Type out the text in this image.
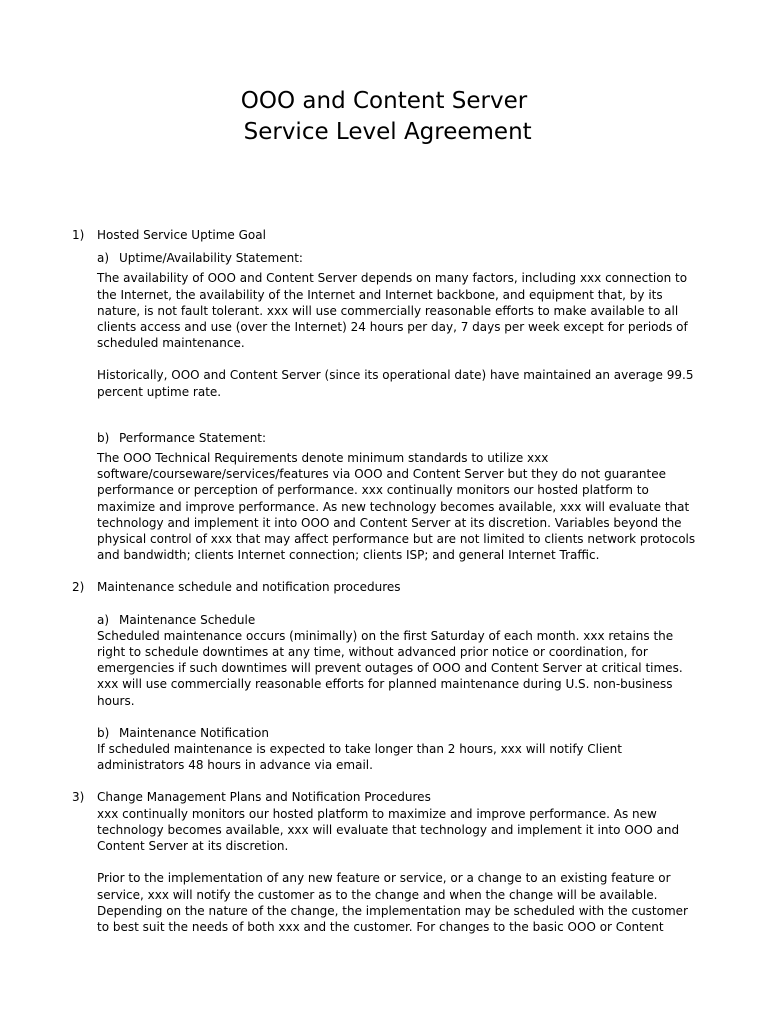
OOO and Content Server
Service Level Agreement
1)	Hosted Service Uptime Goal
a) Uptime/Availability Statement:

The availability of OOO and Content Server depends on many factors, including xxx connection to the Internet, the availability of the Internet and Internet backbone, and equipment that, by its nature, is not fault tolerant. xxx will use commercially reasonable efforts to make available to all clients access and use (over the Internet) 24 hours per day, 7 days per week except for periods of scheduled maintenance.

Historically, OOO and Content Server (since its operational date) have maintained an average 99.5 percent uptime rate.

b) Performance Statement:

The OOO Technical Requirements denote minimum standards to utilize xxx software/courseware/services/features via OOO and Content Server but they do not guarantee performance or perception of performance. xxx continually monitors our hosted platform to maximize and improve performance. As new technology becomes available, xxx will evaluate that technology and implement it into OOO and Content Server at its discretion. Variables beyond the physical control of xxx that may affect performance but are not limited to clients network protocols and bandwidth; clients Internet connection; clients ISP; and general Internet Traffic.

2)	Maintenance schedule and notification procedures
a) Maintenance Schedule

Scheduled maintenance occurs (minimally) on the first Saturday of each month. xxx retains the right to schedule downtimes at any time, without advanced prior notice or coordination, for emergencies if such downtimes will prevent outages of OOO and Content Server at critical times. xxx will use commercially reasonable efforts for planned maintenance during U.S. non-business hours.

b) Maintenance Notification

If scheduled maintenance is expected to take longer than 2 hours, xxx will notify Client administrators 48 hours in advance via email.

3)	Change Management Plans and Notification Procedures

xxx continually monitors our hosted platform to maximize and improve performance. As new technology becomes available, xxx will evaluate that technology and implement it into OOO and Content Server at its discretion.

Prior to the implementation of any new feature or service, or a change to an existing feature or service, xxx will notify the customer as to the change and when the change will be available. Depending on the nature of the change, the implementation may be scheduled with the customer to best suit the needs of both xxx and the customer. For changes to the basic OOO or Content
